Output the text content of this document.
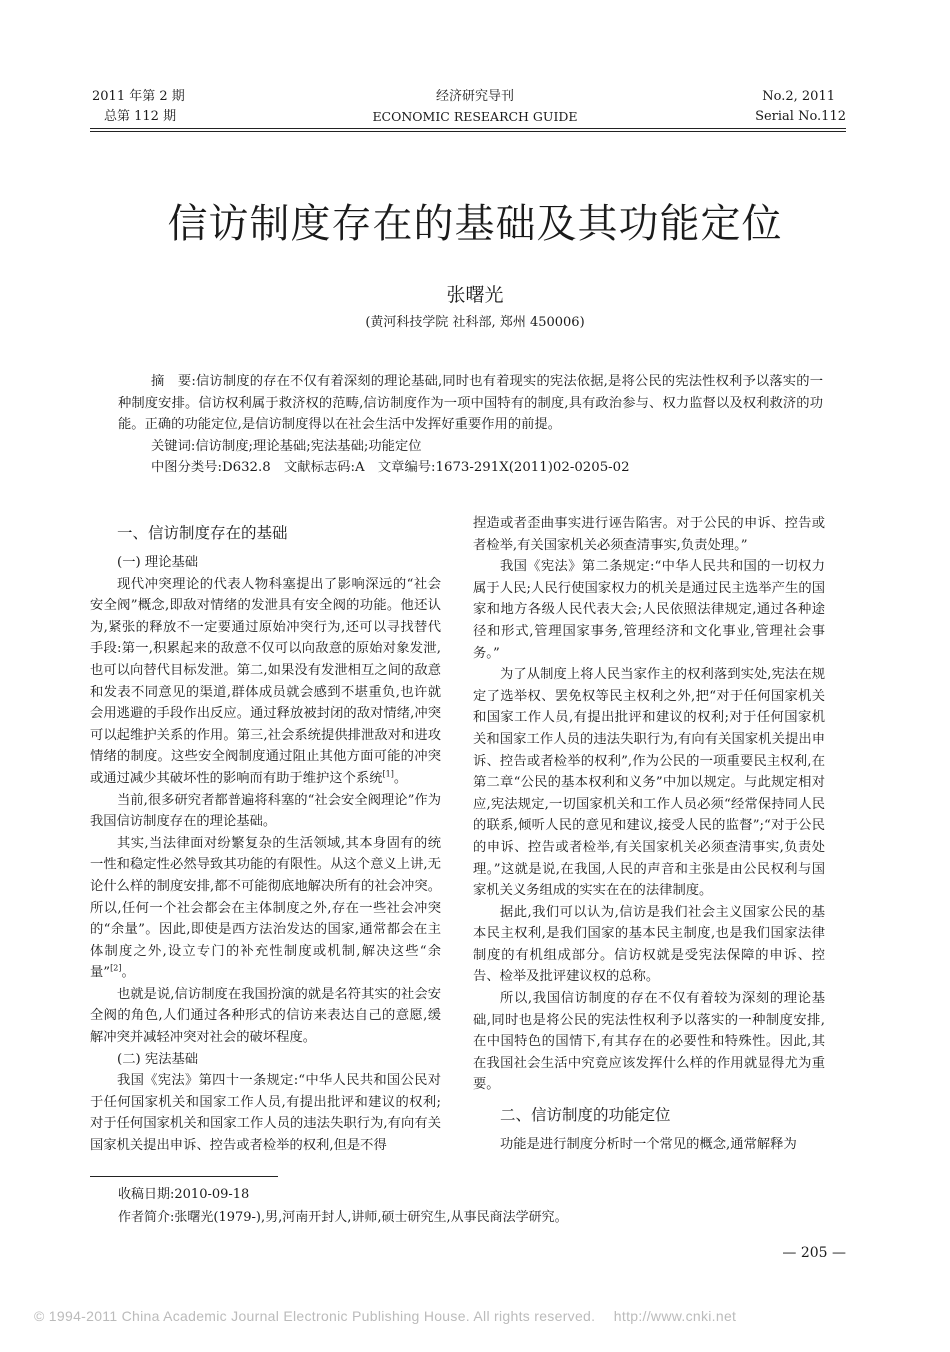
2011 年第 2 期
总第 112 期
经济研究导刊
ECONOMIC RESEARCH GUIDE
No.2, 2011
Serial No.112
信访制度存在的基础及其功能定位
张曙光
(黄河科技学院 社科部, 郑州 450006)

摘　要:信访制度的存在不仅有着深刻的理论基础,同时也有着现实的宪法依据,是将公民的宪法性权利予以落实的一种制度安排。信访权利属于救济权的范畴,信访制度作为一项中国特有的制度,具有政治参与、权力监督以及权利救济的功能。正确的功能定位,是信访制度得以在社会生活中发挥好重要作用的前提。

关键词:信访制度;理论基础;宪法基础;功能定位

中图分类号:D632.8　文献标志码:A　文章编号:1673-291X(2011)02-0205-02

一、信访制度存在的基础
(一) 理论基础

现代冲突理论的代表人物科塞提出了影响深远的“社会安全阀”概念,即敌对情绪的发泄具有安全阀的功能。他还认为,紧张的释放不一定要通过原始冲突行为,还可以寻找替代手段:第一,积累起来的敌意不仅可以向敌意的原始对象发泄,也可以向替代目标发泄。第二,如果没有发泄相互之间的敌意和发表不同意见的渠道,群体成员就会感到不堪重负,也许就会用逃避的手段作出反应。通过释放被封闭的敌对情绪,冲突可以起维护关系的作用。第三,社会系统提供排泄敌对和进攻情绪的制度。这些安全阀制度通过阻止其他方面可能的冲突或通过减少其破坏性的影响而有助于维护这个系统[1]。

当前,很多研究者都普遍将科塞的“社会安全阀理论”作为我国信访制度存在的理论基础。

其实,当法律面对纷繁复杂的生活领域,其本身固有的统一性和稳定性必然导致其功能的有限性。从这个意义上讲,无论什么样的制度安排,都不可能彻底地解决所有的社会冲突。所以,任何一个社会都会在主体制度之外,存在一些社会冲突的“余量”。因此,即使是西方法治发达的国家,通常都会在主体制度之外,设立专门的补充性制度或机制,解决这些“余量”[2]。

也就是说,信访制度在我国扮演的就是名符其实的社会安全阀的角色,人们通过各种形式的信访来表达自己的意愿,缓解冲突并减轻冲突对社会的破坏程度。

(二) 宪法基础

我国《宪法》第四十一条规定:“中华人民共和国公民对于任何国家机关和国家工作人员,有提出批评和建议的权利;对于任何国家机关和国家工作人员的违法失职行为,有向有关国家机关提出申诉、控告或者检举的权利,但是不得

捏造或者歪曲事实进行诬告陷害。对于公民的申诉、控告或者检举,有关国家机关必须查清事实,负责处理。”

我国《宪法》第二条规定:“中华人民共和国的一切权力属于人民;人民行使国家权力的机关是通过民主选举产生的国家和地方各级人民代表大会;人民依照法律规定,通过各种途径和形式,管理国家事务,管理经济和文化事业,管理社会事务。”

为了从制度上将人民当家作主的权利落到实处,宪法在规定了选举权、罢免权等民主权利之外,把“对于任何国家机关和国家工作人员,有提出批评和建议的权利;对于任何国家机关和国家工作人员的违法失职行为,有向有关国家机关提出申诉、控告或者检举的权利”,作为公民的一项重要民主权利,在第二章“公民的基本权利和义务”中加以规定。与此规定相对应,宪法规定,一切国家机关和工作人员必须“经常保持同人民的联系,倾听人民的意见和建议,接受人民的监督”;“对于公民的申诉、控告或者检举,有关国家机关必须查清事实,负责处理。”这就是说,在我国,人民的声音和主张是由公民权利与国家机关义务组成的实实在在的法律制度。

据此,我们可以认为,信访是我们社会主义国家公民的基本民主权利,是我们国家的基本民主制度,也是我们国家法律制度的有机组成部分。信访权就是受宪法保障的申诉、控告、检举及批评建议权的总称。

所以,我国信访制度的存在不仅有着较为深刻的理论基础,同时也是将公民的宪法性权利予以落实的一种制度安排,在中国特色的国情下,有其存在的必要性和特殊性。因此,其在我国社会生活中究竟应该发挥什么样的作用就显得尤为重要。

二、信访制度的功能定位

功能是进行制度分析时一个常见的概念,通常解释为

收稿日期:2010-09-18
作者简介:张曙光(1979-),男,河南开封人,讲师,硕士研究生,从事民商法学研究。
— 205 —
© 1994-2011 China Academic Journal Electronic Publishing House. All rights reserved.　 http://www.cnki.net
